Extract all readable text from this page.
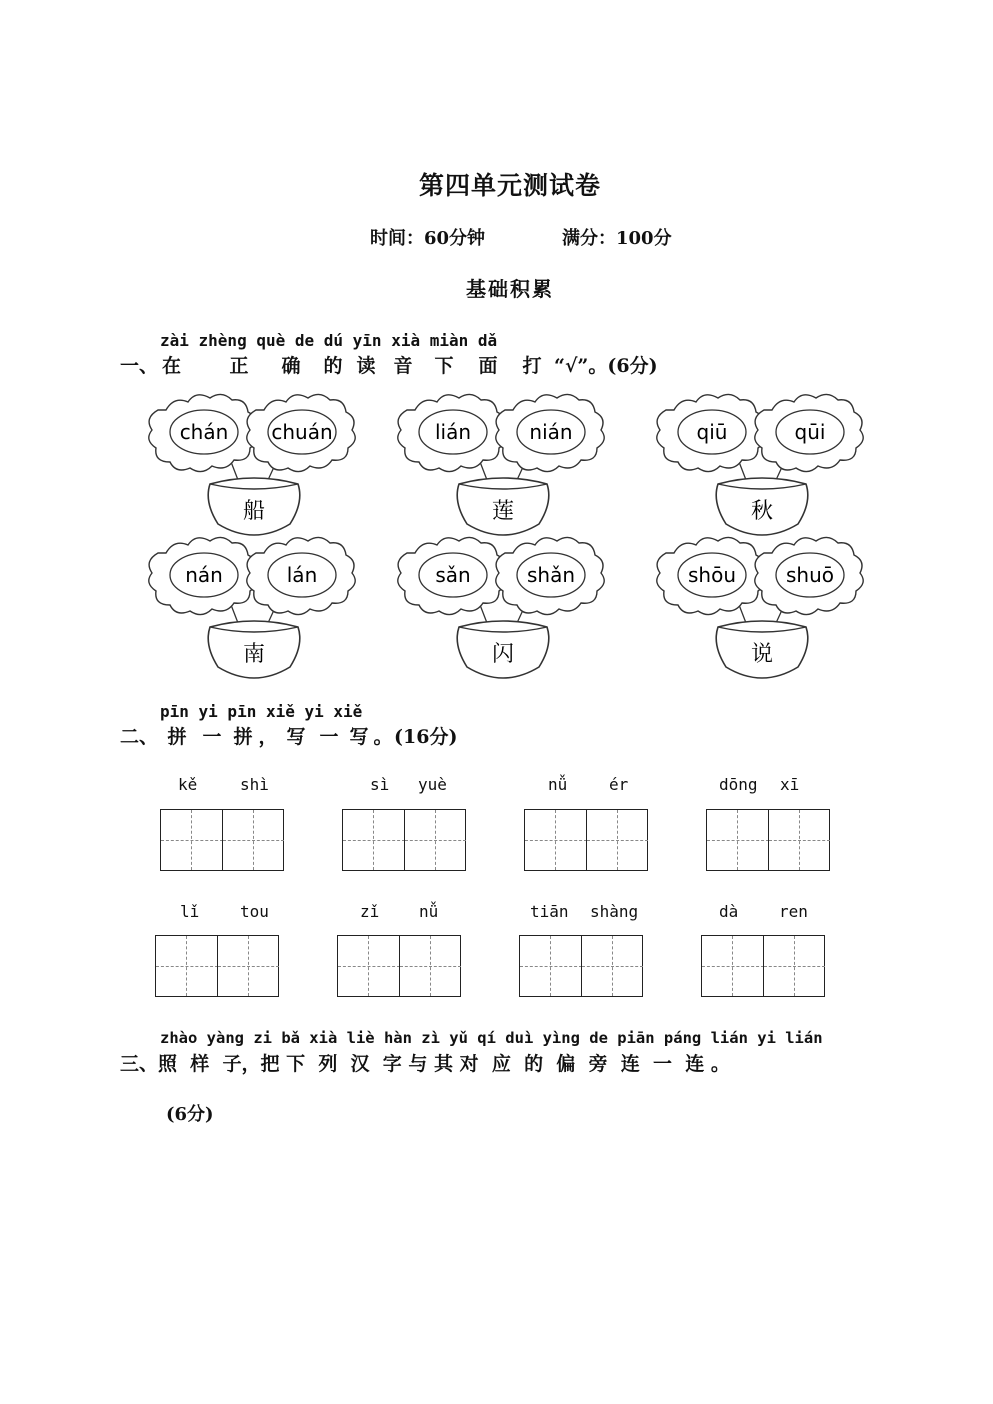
第四单元测试卷
时间：60分钟	满分：100分
基础积累
zài zhèng què de dú yīn xià miàn dǎ
一、 在	正 确 的 读 音 下 面 打 “√”。(6分)
chán chuán
船
lián	nián
莲
qiū	qūi
秋
nán	lán
南
sǎn	shǎn
闪
shōu shuō
说
pīn yi pīn xiě yi xiě
二、 拼 一 拼 ， 写 一 写 。(16分)
kě	shì	sì yuè	nǚ	ér	dōng xī
lǐ	tou	zǐ nǚ	tiān shàng	dà	ren
zhào yàng zi bǎ xià liè hàn zì yǔ qí duì yìng de piān páng lián yi lián
三、照  样  子，把 下  列  汉  字 与 其 对  应  的  偏  旁  连  一  连 。
(6分)
